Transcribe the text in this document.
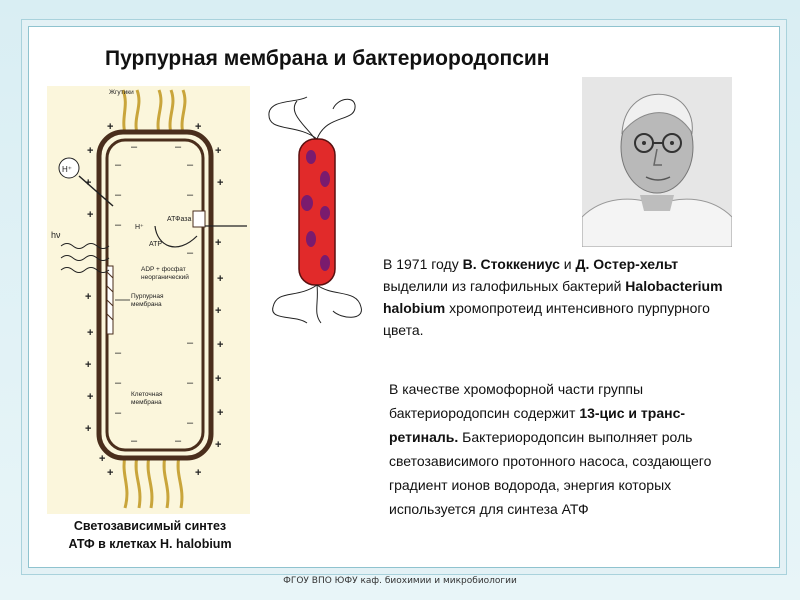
Пурпурная мембрана и бактериородопсин
+
+
+
+
+
+
+
+
+
+
+
+
+
+
+
+
+
+
+	+
+	+
–
–
–
–
–
–
–
–
–
–
–
–
–	–
–	–
H⁺
hν
АТФаза
H⁺
ATP
ADP + фосфат
неорганический
Пурпурная
мембрана
Клеточная
мембрана
Жгутики

Светозависимый синтез
АТФ в клетках H. halobium

В 1971 году В. Стоккениус и Д. Остер-хельт выделили из галофильных бактерий Halobacterium halobium хромопротеид интенсивного пурпурного цвета.

В качестве хромофорной части группы бактериородопсин содержит 13-цис и транс-ретиналь. Бактериородопсин выполняет роль светозависимого протонного насоса, создающего градиент ионов водорода, энергия которых используется для синтеза АТФ

ФГОУ ВПО ЮФУ каф. биохимии и микробиологии
